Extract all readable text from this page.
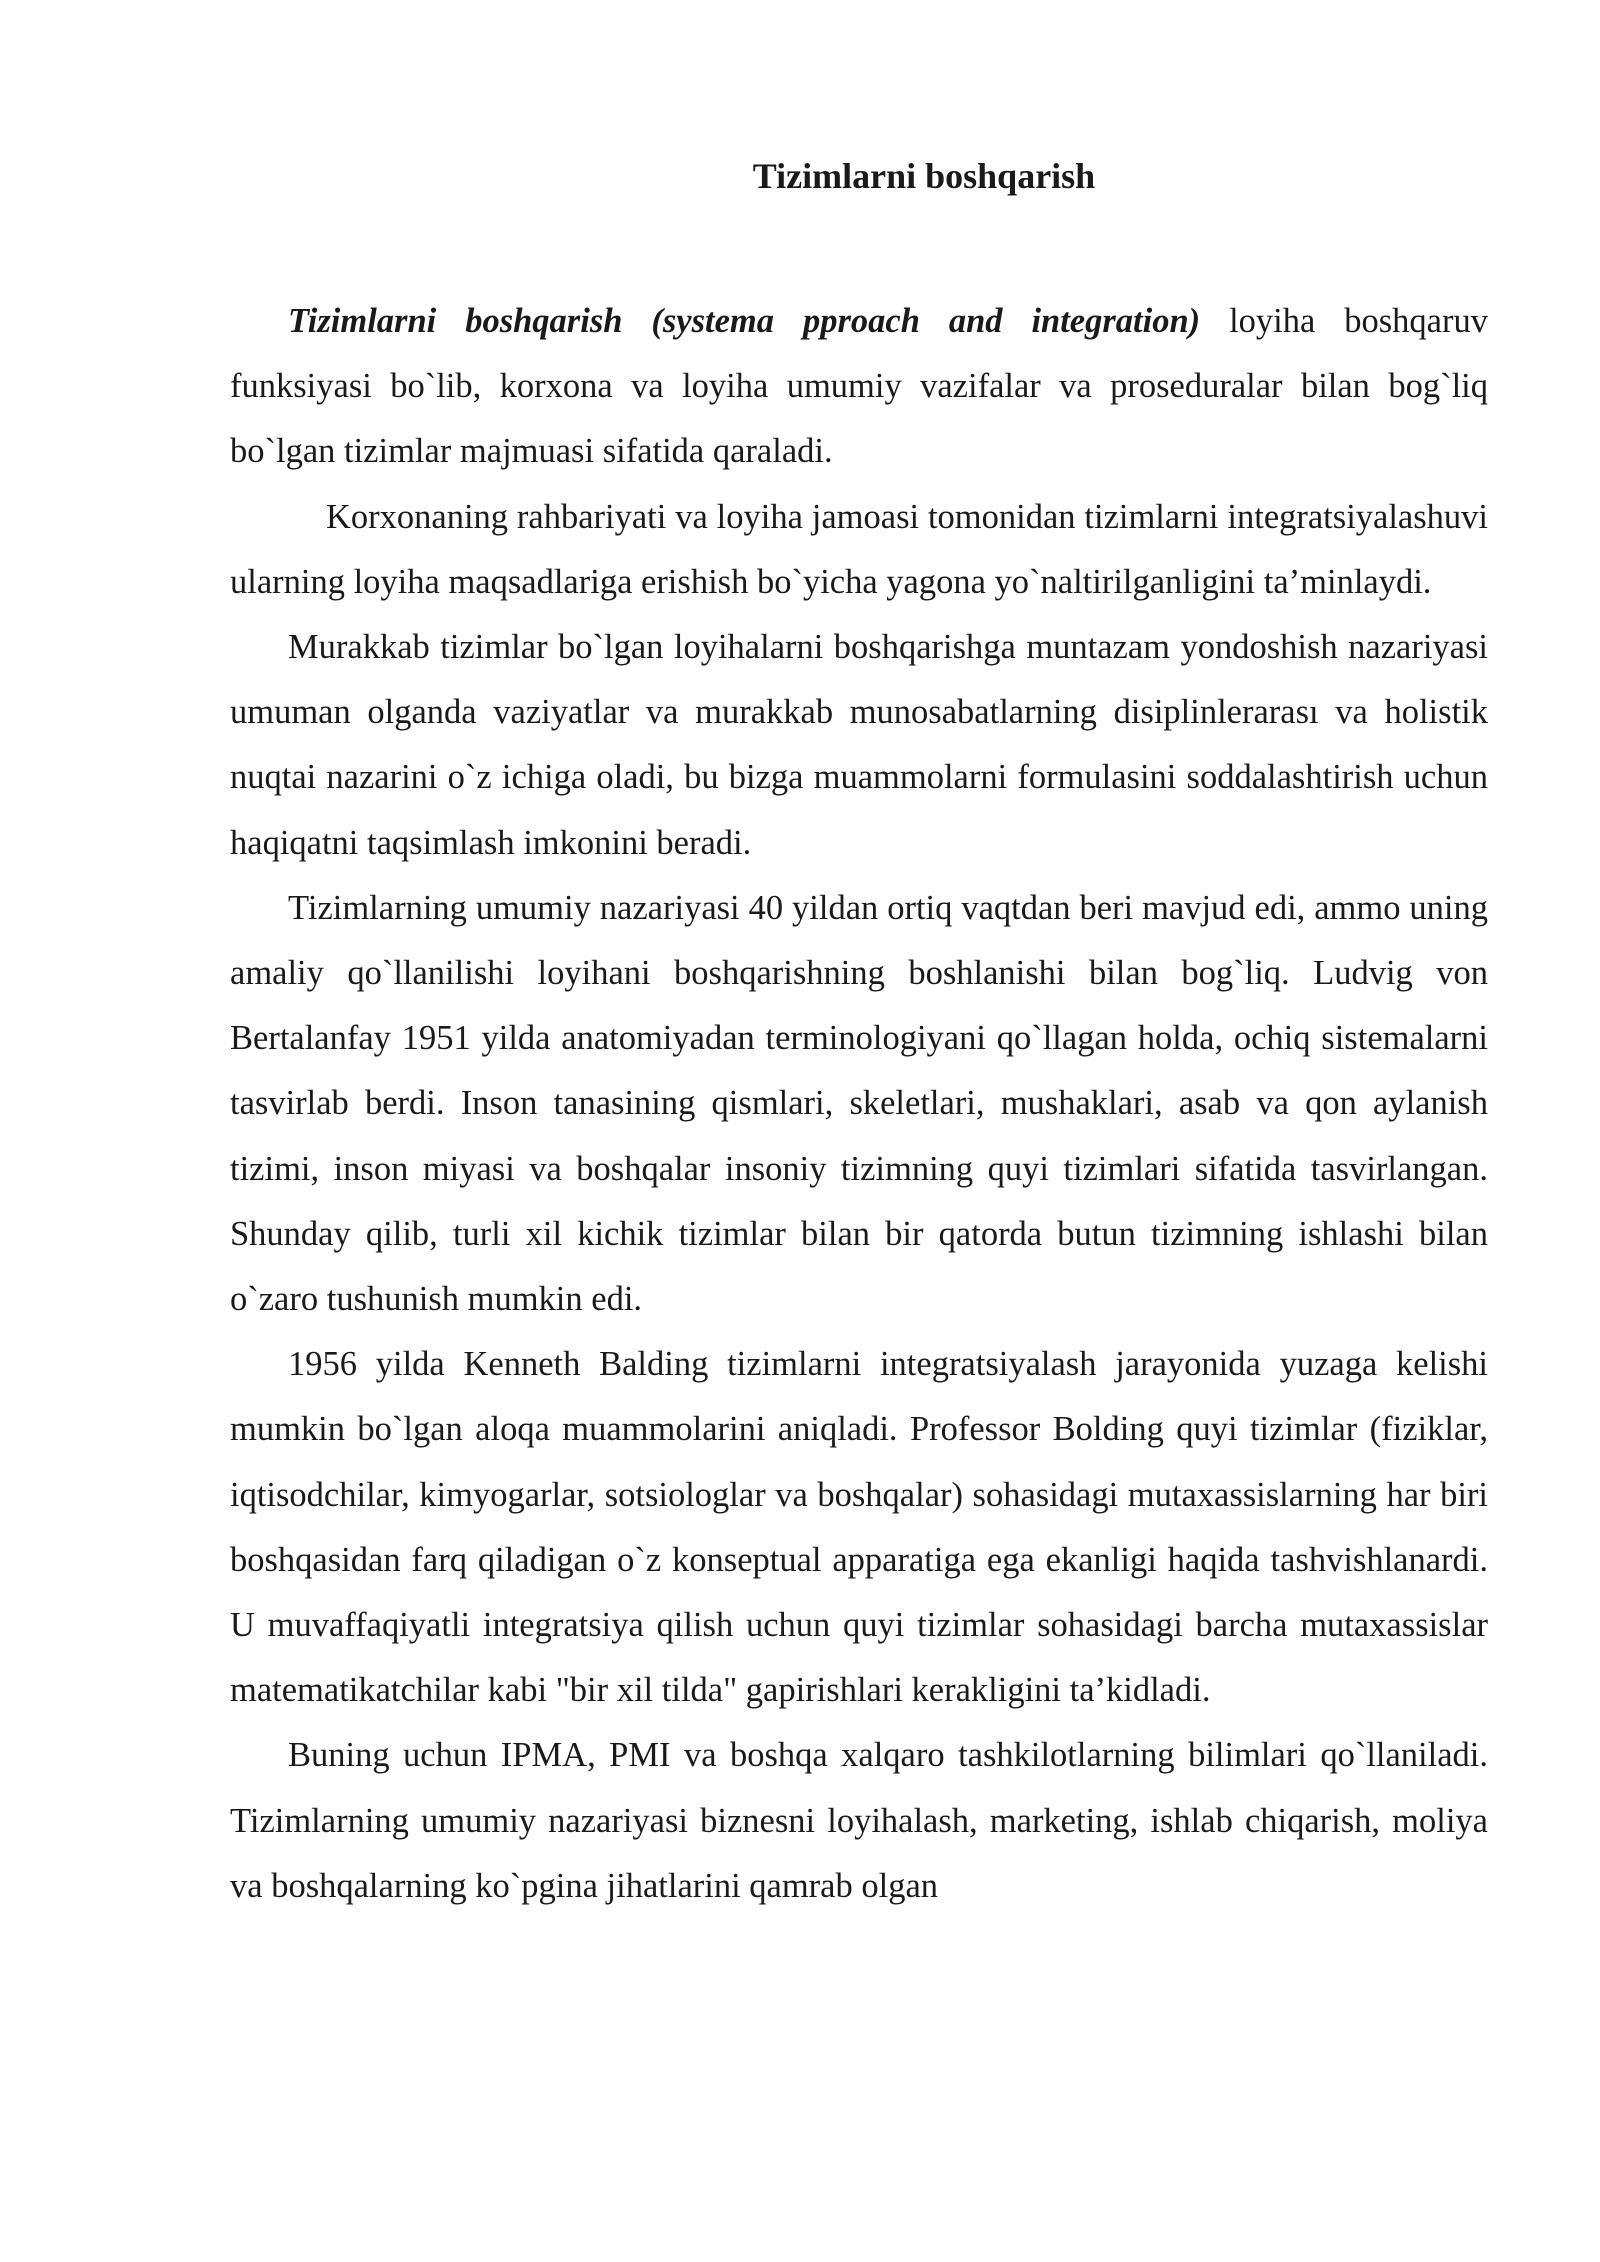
Tizimlarni boshqarish

Tizimlarni boshqarish (systema pproach and integration) loyiha boshqaruv funksiyasi bo`lib, korxona va loyiha umumiy vazifalar va proseduralar bilan bog`liq bo`lgan tizimlar majmuasi sifatida qaraladi.

Korxonaning rahbariyati va loyiha jamoasi tomonidan tizimlarni integratsiyalashuvi ularning loyiha maqsadlariga erishish bo`yicha yagona yo`naltirilganligini ta’minlaydi.

Murakkab tizimlar bo`lgan loyihalarni boshqarishga muntazam yondoshish nazariyasi umuman olganda vaziyatlar va murakkab munosabatlarning disiplinlerarası va holistik nuqtai nazarini o`z ichiga oladi, bu bizga muammolarni formulasini soddalashtirish uchun haqiqatni taqsimlash imkonini beradi.

Tizimlarning umumiy nazariyasi 40 yildan ortiq vaqtdan beri mavjud edi, ammo uning amaliy qo`llanilishi loyihani boshqarishning boshlanishi bilan bog`liq. Ludvig von Bertalanfay 1951 yilda anatomiyadan terminologiyani qo`llagan holda, ochiq sistemalarni tasvirlab berdi. Inson tanasining qismlari, skeletlari, mushaklari, asab va qon aylanish tizimi, inson miyasi va boshqalar insoniy tizimning quyi tizimlari sifatida tasvirlangan. Shunday qilib, turli xil kichik tizimlar bilan bir qatorda butun tizimning ishlashi bilan o`zaro tushunish mumkin edi.

1956 yilda Kenneth Balding tizimlarni integratsiyalash jarayonida yuzaga kelishi mumkin bo`lgan aloqa muammolarini aniqladi. Professor Bolding quyi tizimlar (fiziklar, iqtisodchilar, kimyogarlar, sotsiologlar va boshqalar) sohasidagi mutaxassislarning har biri boshqasidan farq qiladigan o`z konseptual apparatiga ega ekanligi haqida tashvishlanardi. U muvaffaqiyatli integratsiya qilish uchun quyi tizimlar sohasidagi barcha mutaxassislar matematikatchilar kabi "bir xil tilda" gapirishlari kerakligini ta’kidladi.

Buning uchun IPMA, PMI va boshqa xalqaro tashkilotlarning bilimlari qo`llaniladi. Tizimlarning umumiy nazariyasi biznesni loyihalash, marketing, ishlab chiqarish, moliya va boshqalarning ko`pgina jihatlarini qamrab olgan
